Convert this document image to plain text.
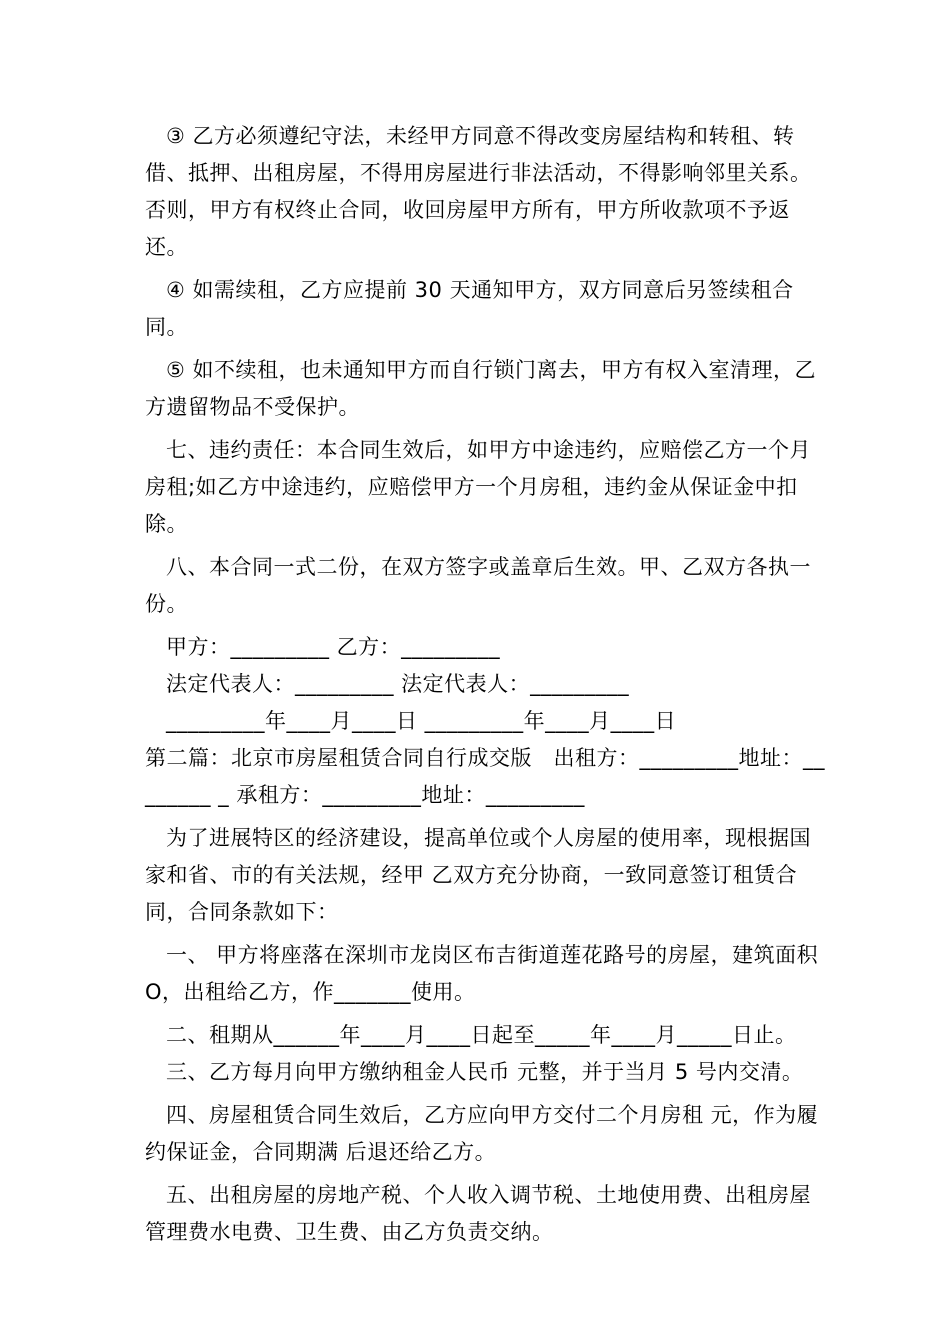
③ 乙方必须遵纪守法，未经甲方同意不得改变房屋结构和转租、转借、抵押、出租房屋，不得用房屋进行非法活动，不得影响邻里关系。否则，甲方有权终止合同，收回房屋甲方所有，甲方所收款项不予返还。

④ 如需续租，乙方应提前 30 天通知甲方，双方同意后另签续租合同。

⑤ 如不续租，也未通知甲方而自行锁门离去，甲方有权入室清理，乙方遗留物品不受保护。

七、违约责任：本合同生效后，如甲方中途违约，应赔偿乙方一个月房租;如乙方中途违约，应赔偿甲方一个月房租，违约金从保证金中扣除。

八、本合同一式二份，在双方签字或盖章后生效。甲、乙双方各执一份。

甲方：_________ 乙方：_________

法定代表人：_________ 法定代表人：_________

_________年____月____日 _________年____月____日

第二篇：北京市房屋租赁合同自行成交版　出租方：_________地址：________ _ 承租方：_________地址：_________

为了进展特区的经济建设，提高单位或个人房屋的使用率，现根据国家和省、市的有关法规，经甲 乙双方充分协商，一致同意签订租赁合同，合同条款如下：

一、 甲方将座落在深圳市龙岗区布吉街道莲花路号的房屋，建筑面积 O，出租给乙方，作_______使用。

二、租期从______年____月____日起至_____年____月_____日止。

三、乙方每月向甲方缴纳租金人民币 元整，并于当月 5 号内交清。

四、房屋租赁合同生效后，乙方应向甲方交付二个月房租 元，作为履约保证金，合同期满 后退还给乙方。

五、出租房屋的房地产税、个人收入调节税、土地使用费、出租房屋管理费水电费、卫生费、由乙方负责交纳。
